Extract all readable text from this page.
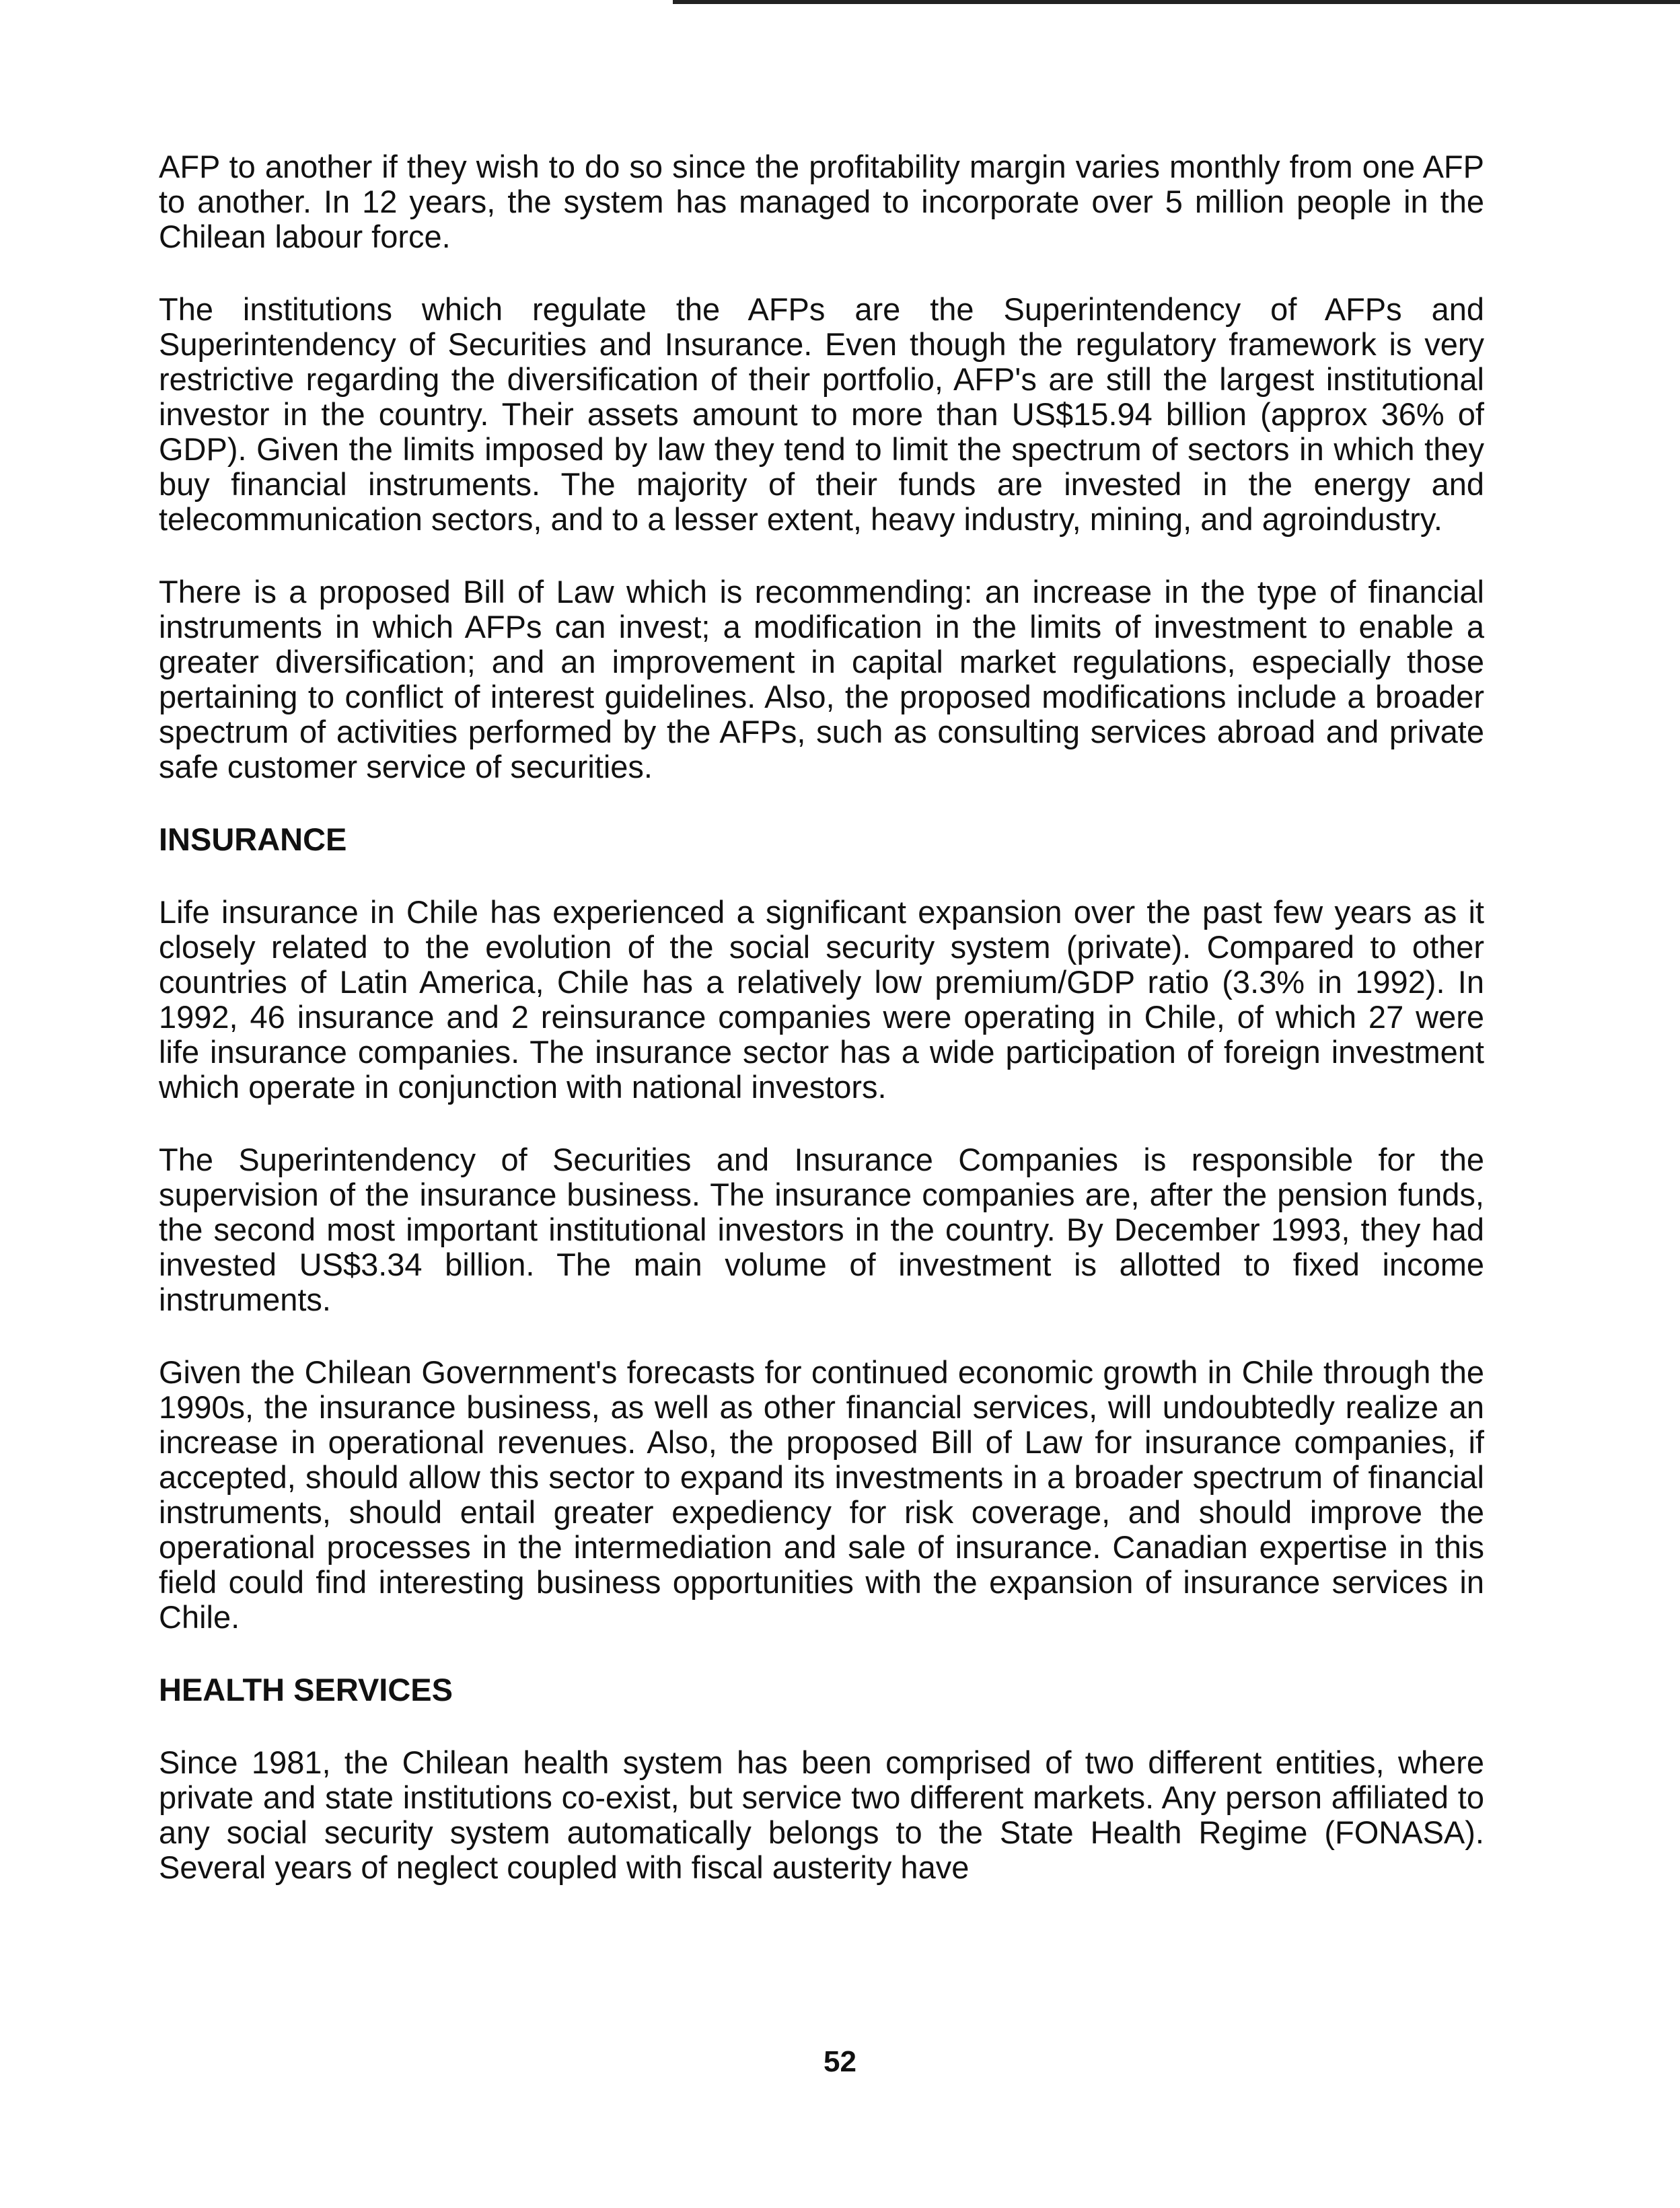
AFP to another if they wish to do so since the profitability margin varies monthly from one AFP to another. In 12 years, the system has managed to incorporate over 5 million people in the Chilean labour force.

The institutions which regulate the AFPs are the Superintendency of AFPs and Superintendency of Securities and Insurance. Even though the regulatory framework is very restrictive regarding the diversification of their portfolio, AFP's are still the largest institutional investor in the country. Their assets amount to more than US$15.94 billion (approx 36% of GDP). Given the limits imposed by law they tend to limit the spectrum of sectors in which they buy financial instruments. The majority of their funds are invested in the energy and telecommunication sectors, and to a lesser extent, heavy industry, mining, and agroindustry.

There is a proposed Bill of Law which is recommending: an increase in the type of financial instruments in which AFPs can invest; a modification in the limits of investment to enable a greater diversification; and an improvement in capital market regulations, especially those pertaining to conflict of interest guidelines. Also, the proposed modifications include a broader spectrum of activities performed by the AFPs, such as consulting services abroad and private safe customer service of securities.

INSURANCE

Life insurance in Chile has experienced a significant expansion over the past few years as it closely related to the evolution of the social security system (private). Compared to other countries of Latin America, Chile has a relatively low premium/GDP ratio (3.3% in 1992). In 1992, 46 insurance and 2 reinsurance companies were operating in Chile, of which 27 were life insurance companies. The insurance sector has a wide participation of foreign investment which operate in conjunction with national investors.

The Superintendency of Securities and Insurance Companies is responsible for the supervision of the insurance business. The insurance companies are, after the pension funds, the second most important institutional investors in the country. By December 1993, they had invested US$3.34 billion. The main volume of investment is allotted to fixed income instruments.

Given the Chilean Government's forecasts for continued economic growth in Chile through the 1990s, the insurance business, as well as other financial services, will undoubtedly realize an increase in operational revenues. Also, the proposed Bill of Law for insurance companies, if accepted, should allow this sector to expand its investments in a broader spectrum of financial instruments, should entail greater expediency for risk coverage, and should improve the operational processes in the intermediation and sale of insurance. Canadian expertise in this field could find interesting business opportunities with the expansion of insurance services in Chile.

HEALTH SERVICES

Since 1981, the Chilean health system has been comprised of two different entities, where private and state institutions co-exist, but service two different markets. Any person affiliated to any social security system automatically belongs to the State Health Regime (FONASA). Several years of neglect coupled with fiscal austerity have

52
